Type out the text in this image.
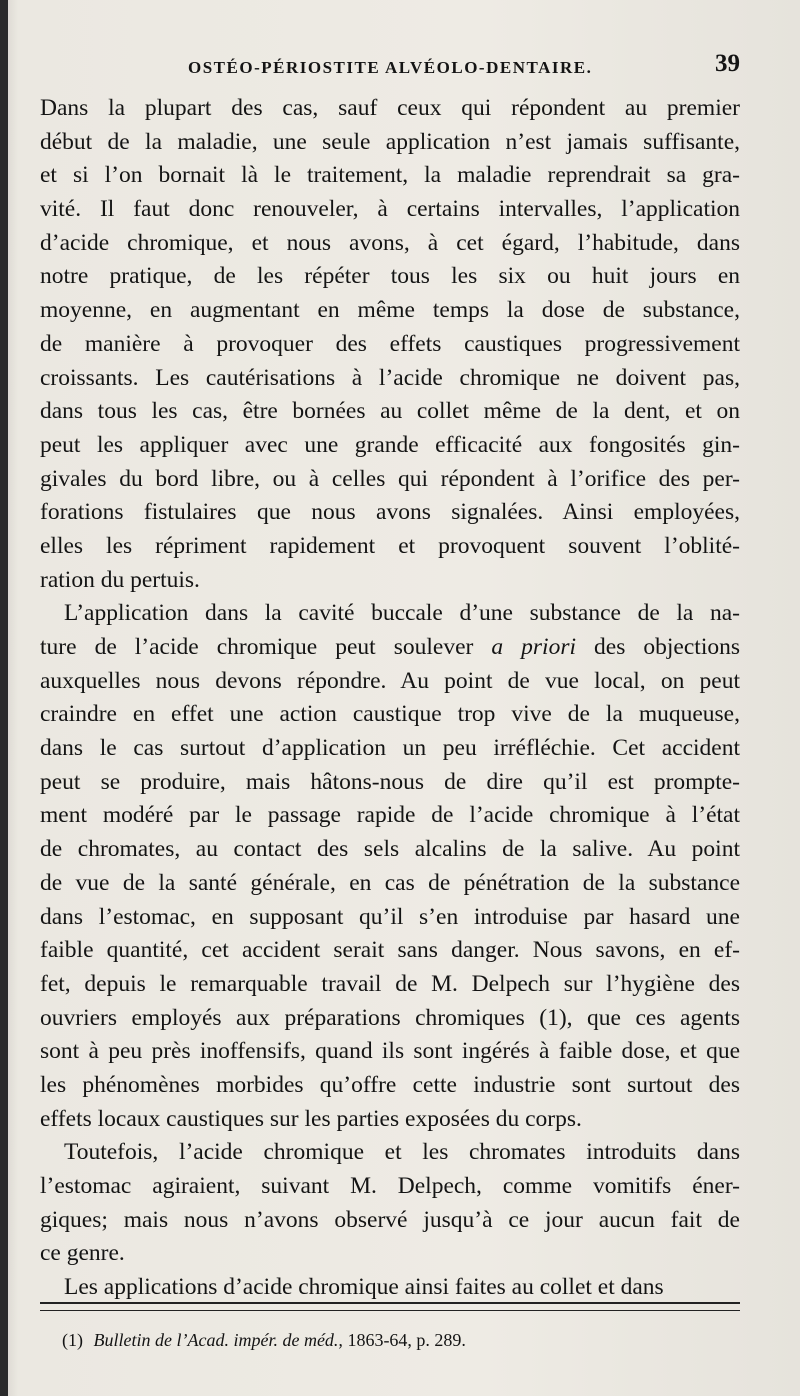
OSTÉO-PÉRIOSTITE ALVÉOLO-DENTAIRE.	39
Dans la plupart des cas, sauf ceux qui répondent au premier
début de la maladie, une seule application n’est jamais suffisante,
et si l’on bornait là le traitement, la maladie reprendrait sa gra-
vité. Il faut donc renouveler, à certains intervalles, l’application
d’acide chromique, et nous avons, à cet égard, l’habitude, dans
notre pratique, de les répéter tous les six ou huit jours en
moyenne, en augmentant en même temps la dose de substance,
de manière à provoquer des effets caustiques progressivement
croissants. Les cautérisations à l’acide chromique ne doivent pas,
dans tous les cas, être bornées au collet même de la dent, et on
peut les appliquer avec une grande efficacité aux fongosités gin-
givales du bord libre, ou à celles qui répondent à l’orifice des per-
forations fistulaires que nous avons signalées. Ainsi employées,
elles les répriment rapidement et provoquent souvent l’oblité-
ration du pertuis.
L’application dans la cavité buccale d’une substance de la na-
ture de l’acide chromique peut soulever a priori des objections
auxquelles nous devons répondre. Au point de vue local, on peut
craindre en effet une action caustique trop vive de la muqueuse,
dans le cas surtout d’application un peu irréfléchie. Cet accident
peut se produire, mais hâtons-nous de dire qu’il est prompte-
ment modéré par le passage rapide de l’acide chromique à l’état
de chromates, au contact des sels alcalins de la salive. Au point
de vue de la santé générale, en cas de pénétration de la substance
dans l’estomac, en supposant qu’il s’en introduise par hasard une
faible quantité, cet accident serait sans danger. Nous savons, en ef-
fet, depuis le remarquable travail de M. Delpech sur l’hygiène des
ouvriers employés aux préparations chromiques (1), que ces agents
sont à peu près inoffensifs, quand ils sont ingérés à faible dose, et que
les phénomènes morbides qu’offre cette industrie sont surtout des
effets locaux caustiques sur les parties exposées du corps.
Toutefois, l’acide chromique et les chromates introduits dans
l’estomac agiraient, suivant M. Delpech, comme vomitifs éner-
giques; mais nous n’avons observé jusqu’à ce jour aucun fait de
ce genre.
Les applications d’acide chromique ainsi faites au collet et dans
(1) Bulletin de l’Acad. impér. de méd., 1863-64, p. 289.
